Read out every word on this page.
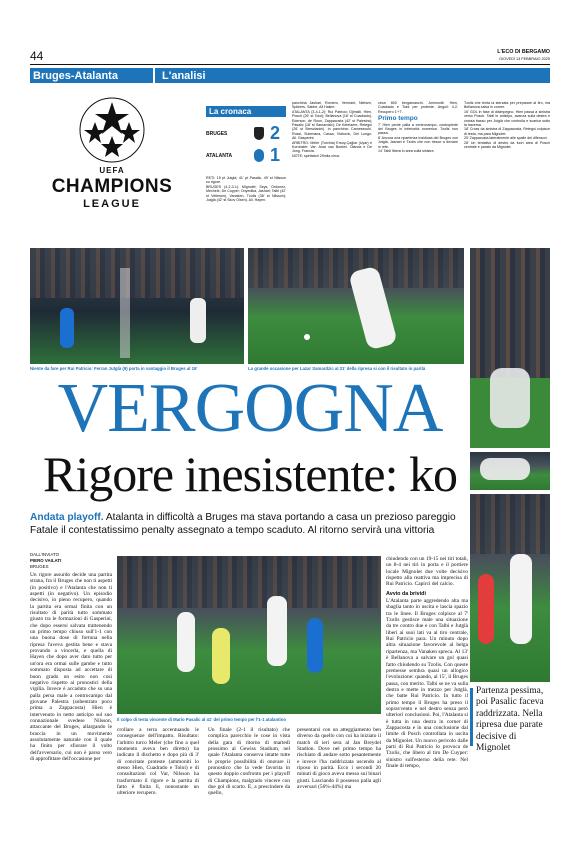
44	L'ECO DI BERGAMO
GIOVEDÌ 13 FEBBRAIO 2025
Bruges-Atalanta	L'analisi
UEFA
CHAMPIONS
LEAGUE
La cronaca
BRUGES 2
ATALANTA 1

RETI: 15 pt Jutglà, 41' pt Pasalic, 49' st Nilsson su rigore.

BRUGES (4-2-3-1): Mignolet; Seys, Ordonez, Mechele, De Cuyper; Onyedika, Jashari; Talbi (42' st Vetlesen), Vanaken, Tzolis (38' st Nilsson); Jutglà (42' st Skov Olsen). All. Hayen.

panchina Jashari, Romero, Vermant, Nielsen, Spileers, Sabbe, Ali Hakim.

ATALANTA (3-4-1-2): Rui Patricio; Djimsiti, Hien, Posch (26' st Toloi); Bellanova (18' st Cuadrado), Ederson, de Roon, Zappacosta (42' st Palestra); Pasalic (18' st Samardzic); De Ketelaere, Retegui (26' st Brescianini). In panchina: Carnesecchi, Rossi, Sulemana, Cassa, Vlahovic, Del Lungo. All. Gasperini.

ARBITRO: Meler (Turchia) Ersoy-Çağlar (Uyar) e Kordoster. Var: Anar van Boekel. Olanda e De Jong. Francia.

NOTE: spettatori 29mila circa.

circa 800 bergamaschi. Ammoniti: Hien, Cuadrado e Toloi per proteste. Angoli: 4-2. Recupero 1'+7'.

Primo tempo

7' Hien perde palla a centrocampo, contropiede del Bruges in inferiorità numerica. Tzolis non passa.

8' Ancora una ripartenza insidiosa del Bruges con Jutglà, Jashari e Tzolis che non riesce a deviare in rete.

14' Tabli libera in area sulla sinistra

Tzolis che tenta la sterzata per preparare al tiro, ma Bellanova salva in corner.

15' GOL in fase di disimpegno. Hien passa a sinistra verso Posch. Tabli in anticipo, avanza sulla destra e crossa basso per Jutglà che controlla e scarica sotto la traversa.

18' Cross da sinistra di Zappacosta, Retegui colpisce di testa, ma para Mignolet.

25' Zappacosta lateralmente alle spalle dei difensori.

28' Un tentativo di destro da fuori area di Posch centrale e parato da Mignolet.

Niente da fare per Rui Patricio: Ferran Jutglà (9) porta in vantaggio il Bruges al 15'	La grande occasione per Lazar Samardzic al 21' della ripresa si con il risultato in parità
VERGOGNA
Rigore inesistente: ko
Andata playoff. Atalanta in difficoltà a Bruges ma stava portando a casa un prezioso pareggio Fatale il contestatissimo penalty assegnato a tempo scaduto. Al ritorno servirà una vittoria
DALL'INVIATO
PIERO VAILATI
BRUGES

Un rigore assurdo decide una partita strana, fra il Bruges che non ti aspetti (in positivo) e l'Atalanta che non ti aspetti (in negativo). Un episodio decisivo, in pieno recupero, quando la partita era ormai finita con un risultato di parità tutto sommato giusto tra le formazioni di Gasperini, che dopo essersi salvata trattenendo un primo tempo chiuso sull'1-1 con una buona dose di fortuna nella ripresa l'aveva gestita bene e stava provando a vincerla, e quella di Hayen che dopo aver dato tutto per un'ora era ormai sulle gambe e tutto sommato disposta ad accettare di buon grado un esito non così negativo rispetto ai pronostici della vigilia. Invece è accaduto che su una palla persa male a centrocampo dal giovane Palestra (subentrato poco prima a Zappacosta) Hien è intervenuto in netto anticipo sul suo connazionale svedese Nilsson, attaccante del Bruges, allargando le braccia in un movimento assolutamente naturale con il quale ha finito per sfiorare il volto dell'avversario, cui non è parso vero di approfittare dell'occasione per

Il colpo di testa vincente di Mario Pasalic al 41' del primo tempo per l'1-1 atalantino

crollare a terra accentuando le conseguenze dell'impatto. Risultato: l'arbitro turco Meler (che fino a quel momento aveva ben diretto) ha indicato il dischetto e dopo più di 3' di concitate proteste (ammoniti lo stesso Hien, Cuadrado e Toloi) e di consultazioni col Var, Nilsson ha trasformato il rigore e la partita di fatto è finita lì, nonostante un ulteriore recupero.

Un finale (2-1 il risultato) che complica parecchio le cose in vista della gara di ritorno di martedì prossimo al Gewiss Stadium, nel quale l'Atalanta conserva intatte tutte le proprie possibilità di onorare il pronostico che la vede favorita in questo doppio confronto per i playoff di Champions, malgrado vincere con due gol di scarto. E, a prescindere da quello,

presentarsi con un atteggiamento ben diverso da quello con cui ha iniziato il match di ieri sera al Jan Breydel Stadion. Dove nel primo tempo ha rischiato di andare sotto pesantemente e invece l'ha raddrizzata uscendo al riposo in parità. Ecco i secondi 20 minuti di gioco aveva messo sui binari giusti. Lasciando il possesso palla agli avversari (56%-44%) ma

chiudendo con un 19-15 nei tiri totali, un 8-4 nei tiri in porta e il portiere locale Mignolet due volte decisivo rispetto alla reattiva ma imprecisa di Rui Patricio. Capirci del calcio.

Avvio da brividi

L'Atalanta parte aggredendo alta ma sbaglia tanto in uscita e lascia spazio tra le linee. Il Bruges colpisce al 7' Tzolis gestisce male una situazione da tre contro due e con Talbi e Jutglà liberi ai suoi lati va al tiro centrale, Rui Patricio para. Un minuto dopo altra situazione favorevole al belga ripartenza, ma Vanaken spreca. Al 13' è Bellanova a salvare un gol quasi fatto chiudendo su Tzolis. Con queste premesse sembra quasi un allogico l'evoluzione: quando, al 15', il Bruges passa, con merito. Talbi se ne va sulla destra e mette in mezzo per Jutglà, che batte Rui Patricio. In tutto il primo tempo il Bruges ha preso il sopravvento e nel destro senza però ulteriori conclusioni. Poi, l'Atalanta si è tutta in una destra in corner di Zappacosta e in una conclusione dal limite di Posch controllata in uscita da Mignolet. Un nuovo pericolo dalle parti di Rui Patricio lo provoca de Tzolis, che libero al tiro De Cuyper: sinistro sull'esterno della rete. Nel finale di tempo,

Partenza pessima, poi Pasalic faceva raddrizzata. Nella ripresa due parate decisive di Mignolet
